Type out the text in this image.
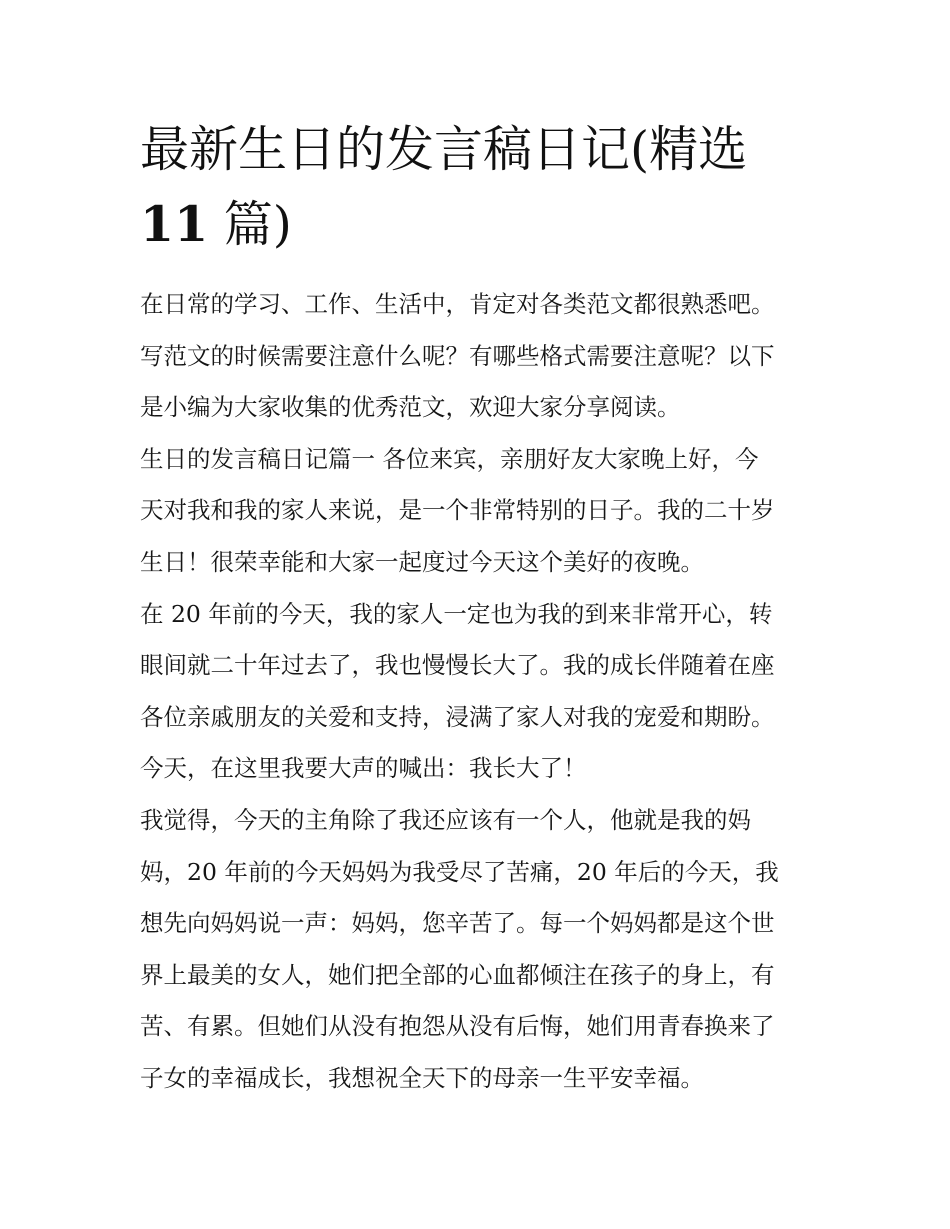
最新生日的发言稿日记(精选
11 篇)

在日常的学习、工作、生活中，肯定对各类范文都很熟悉吧。
写范文的时候需要注意什么呢？有哪些格式需要注意呢？以下
是小编为大家收集的优秀范文，欢迎大家分享阅读。

生日的发言稿日记篇一 各位来宾，亲朋好友大家晚上好，今
天对我和我的家人来说，是一个非常特别的日子。我的二十岁
生日！很荣幸能和大家一起度过今天这个美好的夜晚。

在 20 年前的今天，我的家人一定也为我的到来非常开心，转
眼间就二十年过去了，我也慢慢长大了。我的成长伴随着在座
各位亲戚朋友的关爱和支持，浸满了家人对我的宠爱和期盼。
今天，在这里我要大声的喊出：我长大了！

我觉得，今天的主角除了我还应该有一个人，他就是我的妈
妈，20 年前的今天妈妈为我受尽了苦痛，20 年后的今天，我
想先向妈妈说一声：妈妈，您辛苦了。每一个妈妈都是这个世
界上最美的女人，她们把全部的心血都倾注在孩子的身上，有
苦、有累。但她们从没有抱怨从没有后悔，她们用青春换来了
子女的幸福成长，我想祝全天下的母亲一生平安幸福。
